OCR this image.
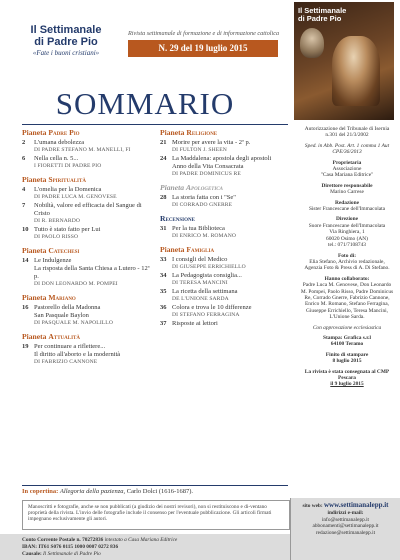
Il Settimanale
di Padre Pio
«Fate i buoni cristiani»
Rivista settimanale di formazione e di informazione cattolica
N. 29 del 19 luglio 2015
Il Settimanale
di Padre Pio
SOMMARIO
Pianeta Padre Pio
2	L'umana debolezza
DI PADRE STEFANO M. MANELLI, FI
6	Nella cella n. 5...
I FIORETTI DI PADRE PIO
Pianeta Spiritualità
4	L'omelia per la Domenica
DI PADRE LUCA M. GENOVESE
7	Nobiltà, valore ed efficacia del Sangue di Cristo
DI R. BERNARDO
10 Tutto è stato fatto per Lui
DI PAOLO RISSO
Pianeta Catechesi
14 Le Indulgenze
La risposta della Santa Chiesa a Lutero - 12ª p.
DI DON LEONARDO M. POMPEI
Pianeta Mariano
16 Pastorello della Madonna
San Pasquale Baylon
DI PASQUALE M. NAPOLILLO
Pianeta Attualità
19 Per continuare a riflettere...
Il diritto all'aborto e la modernità
DI FABRIZIO CANNONE
Pianeta Religione
21 Morire per avere la vita - 2ª p.
DI FULTON J. SHEEN
24 La Maddalena: apostola degli apostoli
Anno della Vita Consacrata
DI PADRE DOMINICUS RE
Pianeta Apologetica
28 La storia fatta con i "Se"
DI CORRADO GNERRE
Recensione
31 Per la tua Biblioteca
DI ENRICO M. ROMANO
Pianeta Famiglia
33 I consigli del Medico
DI GIUSEPPE ERRICHIELLO
34 La Pedagogista consiglia...
DI TERESA MANCINI
35 La ricetta della settimana
DE L'UNIONE SARDA
36 Colora e trova le 10 differenze
DI STEFANO FERRAGINA
37 Risposte ai lettori
Autorizzazione del Tribunale di Isernia n.301 del 21/3/2002
Sped. in Abb. Post. Art. 1 comma 1 Aut CPE/36/2013
Proprietaria
Associazione
"Casa Mariana Editrice"
Direttore responsabile
Marino Carrese
Redazione
Sister Francescane dell'Immacolata
Direzione
Suore Francescane dell'Immacolata
Via Ringhiera, 1
60020 Osimo (AN)
tel.: 071/7108743
Foto di:
Elia Stefano, Archivio redazionale, Agenzia Foto & Press di A. Di Stefano.
Hanno collaborato:
Padre Luca M. Genovese, Don Leonardo M. Pompei, Paolo Risso, Padre Dominicus Re, Corrado Gnerre, Fabrizio Cannone, Enrico M. Romano, Stefano Ferragina, Giuseppe Errichiello, Teresa Mancini, L'Unione Sarda.
Con approvazione ecclesiastica
Stampa: Grafica s.r.l
64100 Teramo
Finito di stampare
8 luglio 2015
La rivista è stata consegnata al CMP Pescara
il 9 luglio 2015
In copertina: Allegoria della pazienza, Carlo Dolci (1616-1687).
Manoscritti e fotografie, anche se non pubblicati (a giudizio dei nostri revisori), non si restituiscono e di-ventano proprietà della rivista. L'invio delle fotografie include il consenso per l'eventuale pubblicazione. Gli articoli firmati impegnano esclusivamente gli autori.
Conto Corrente Postale n. 70272836 intestato a Casa Mariana Editrice
IBAN: IT61 S076 0115 1000 0007 0272 836
Causale: Il Settimanale di Padre Pio
sito web: www.settimanalepp.it
indirizzi e-mail:
info@settimanalepp.it
abbonamenti@settimanalepp.it
redazione@settimanalepp.it
